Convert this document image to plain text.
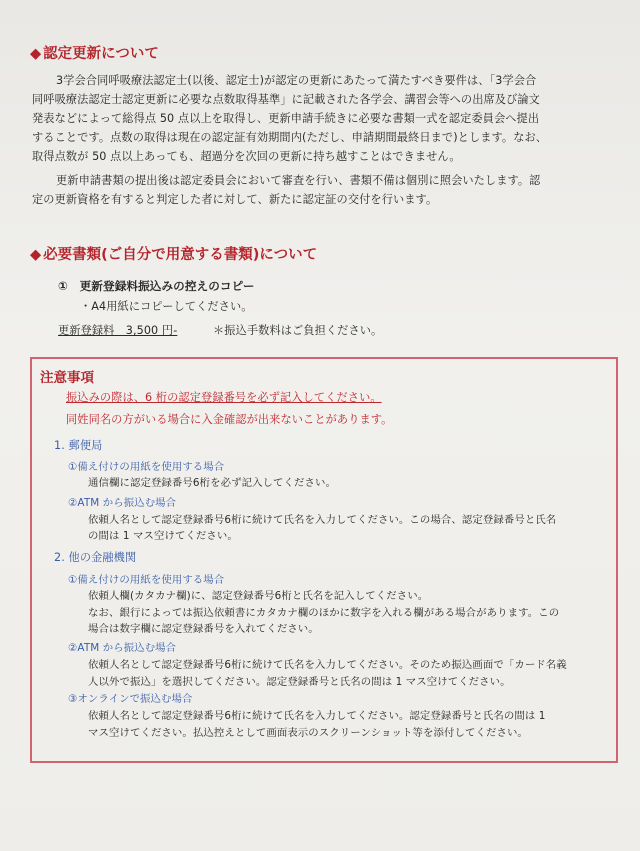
◆ 認定更新について
3学会合同呼吸療法認定士(以後、認定士)が認定の更新にあたって満たすべき要件は、「3学会合
同呼吸療法認定士認定更新に必要な点数取得基準」に記載された各学会、講習会等への出席及び論文
発表などによって総得点 50 点以上を取得し、更新申請手続きに必要な書類一式を認定委員会へ提出
することです。点数の取得は現在の認定証有効期間内(ただし、申請期間最終日まで)とします。なお、
取得点数が 50 点以上あっても、超過分を次回の更新に持ち越すことはできません。
更新申請書類の提出後は認定委員会において審査を行い、書類不備は個別に照会いたします。認
定の更新資格を有すると判定した者に対して、新たに認定証の交付を行います。
◆ 必要書類(ご自分で用意する書類)について
①　更新登録料振込みの控えのコピー
・A4用紙にコピーしてください。
更新登録料　3,500 円-	＊振込手数料はご負担ください。
注意事項
振込みの際は、6 桁の認定登録番号を必ず記入してください。
同姓同名の方がいる場合に入金確認が出来ないことがあります。
1. 郵便局
①備え付けの用紙を使用する場合
通信欄に認定登録番号6桁を必ず記入してください。
②ATM から振込む場合
依頼人名として認定登録番号6桁に続けて氏名を入力してください。この場合、認定登録番号と氏名
の間は 1 マス空けてください。
2. 他の金融機関
①備え付けの用紙を使用する場合
依頼人欄(カタカナ欄)に、認定登録番号6桁と氏名を記入してください。
なお、銀行によっては振込依頼書にカタカナ欄のほかに数字を入れる欄がある場合があります。この
場合は数字欄に認定登録番号を入れてください。
②ATM から振込む場合
依頼人名として認定登録番号6桁に続けて氏名を入力してください。そのため振込画面で「カード名義
人以外で振込」を選択してください。認定登録番号と氏名の間は 1 マス空けてください。
③オンラインで振込む場合
依頼人名として認定登録番号6桁に続けて氏名を入力してください。認定登録番号と氏名の間は 1
マス空けてください。払込控えとして画面表示のスクリーンショット等を添付してください。
